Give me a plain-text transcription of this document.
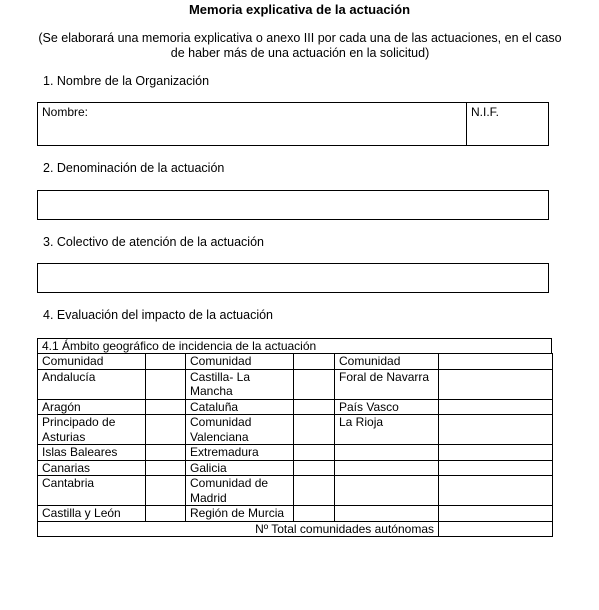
Memoria explicativa de la actuación
(Se elaborará una memoria explicativa o anexo III por cada una de las actuaciones, en el caso de haber más de una actuación en la solicitud)
1. Nombre de la Organización
Nombre:	N.I.F.
2. Denominación de la actuación
3. Colectivo de atención de la actuación
4. Evaluación del impacto de la actuación
4.1 Ámbito geográfico de incidencia de la actuación
Comunidad		Comunidad		Comunidad	
Andalucía		Castilla- La Mancha		Foral de Navarra	
Aragón		Cataluña		País Vasco	
Principado de Asturias		Comunidad Valenciana		La Rioja	
Islas Baleares		Extremadura			
Canarias		Galicia			
Cantabria		Comunidad de Madrid			
Castilla y León		Región de Murcia			
Nº Total comunidades autónomas					
